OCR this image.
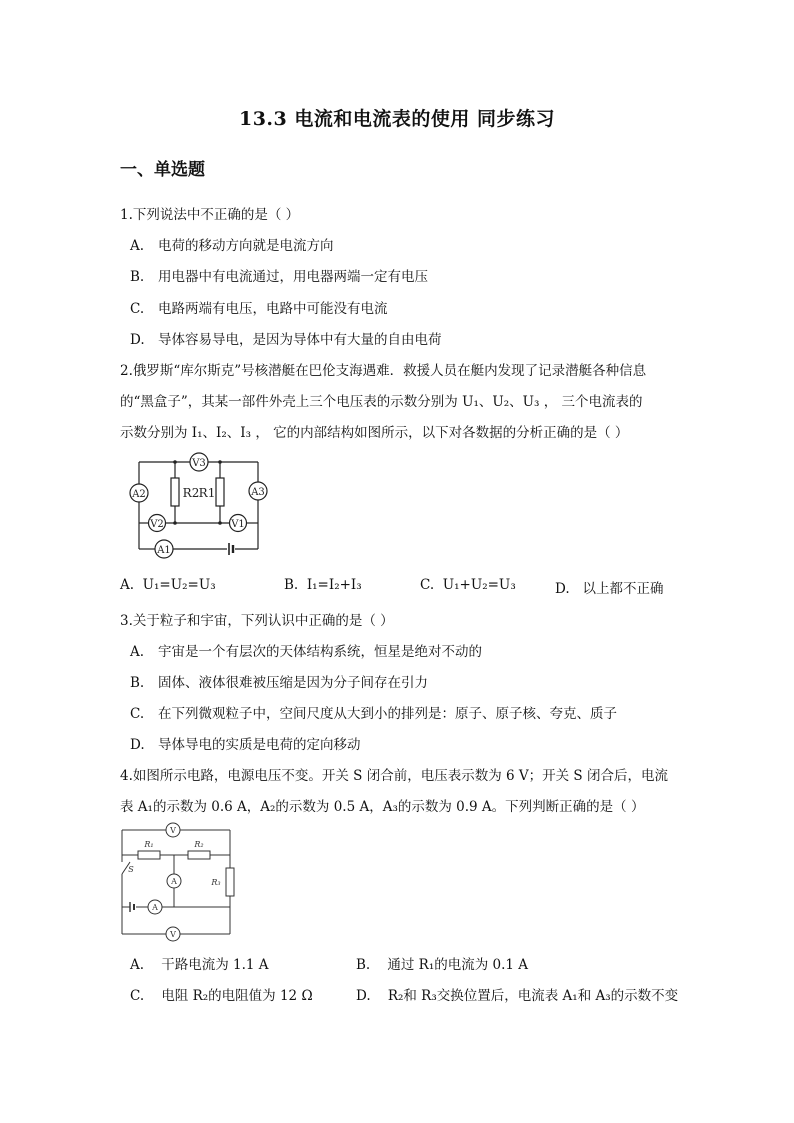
13.3 电流和电流表的使用 同步练习
一、单选题
1.下列说法中不正确的是（ ）
A. 电荷的移动方向就是电流方向
B. 用电器中有电流通过，用电器两端一定有电压
C. 电路两端有电压，电路中可能没有电流
D. 导体容易导电，是因为导体中有大量的自由电荷
2.俄罗斯“库尔斯克”号核潜艇在巴伦支海遇难．救援人员在艇内发现了记录潜艇各种信息
的“黑盒子”，其某一部件外壳上三个电压表的示数分别为 U₁、U₂、U₃ ， 三个电流表的
示数分别为 I₁、I₂、I₃ ， 它的内部结构如图所示，以下对各数据的分析正确的是（ ）
V3
A2	A3
V2	V1
A1
R2 R1
A. U₁=U₂=U₃	B. I₁=I₂+I₃	C. U₁+U₂=U₃	D. 以上都不正确
3.关于粒子和宇宙，下列认识中正确的是（ ）
A. 宇宙是一个有层次的天体结构系统，恒星是绝对不动的
B. 固体、液体很难被压缩是因为分子间存在引力
C. 在下列微观粒子中，空间尺度从大到小的排列是：原子、原子核、夸克、质子
D. 导体导电的实质是电荷的定向移动
4.如图所示电路，电源电压不变。开关 S 闭合前，电压表示数为 6 V；开关 S 闭合后，电流
表 A₁的示数为 0.6 A，A₂的示数为 0.5 A，A₃的示数为 0.9 A。下列判断正确的是（ ）
V
A
A
V
R₁	R₂
R₃
S
A. 干路电流为 1.1 A	B. 通过 R₁的电流为 0.1 A
C. 电阻 R₂的电阻值为 12 Ω	D. R₂和 R₃交换位置后，电流表 A₁和 A₃的示数不变
